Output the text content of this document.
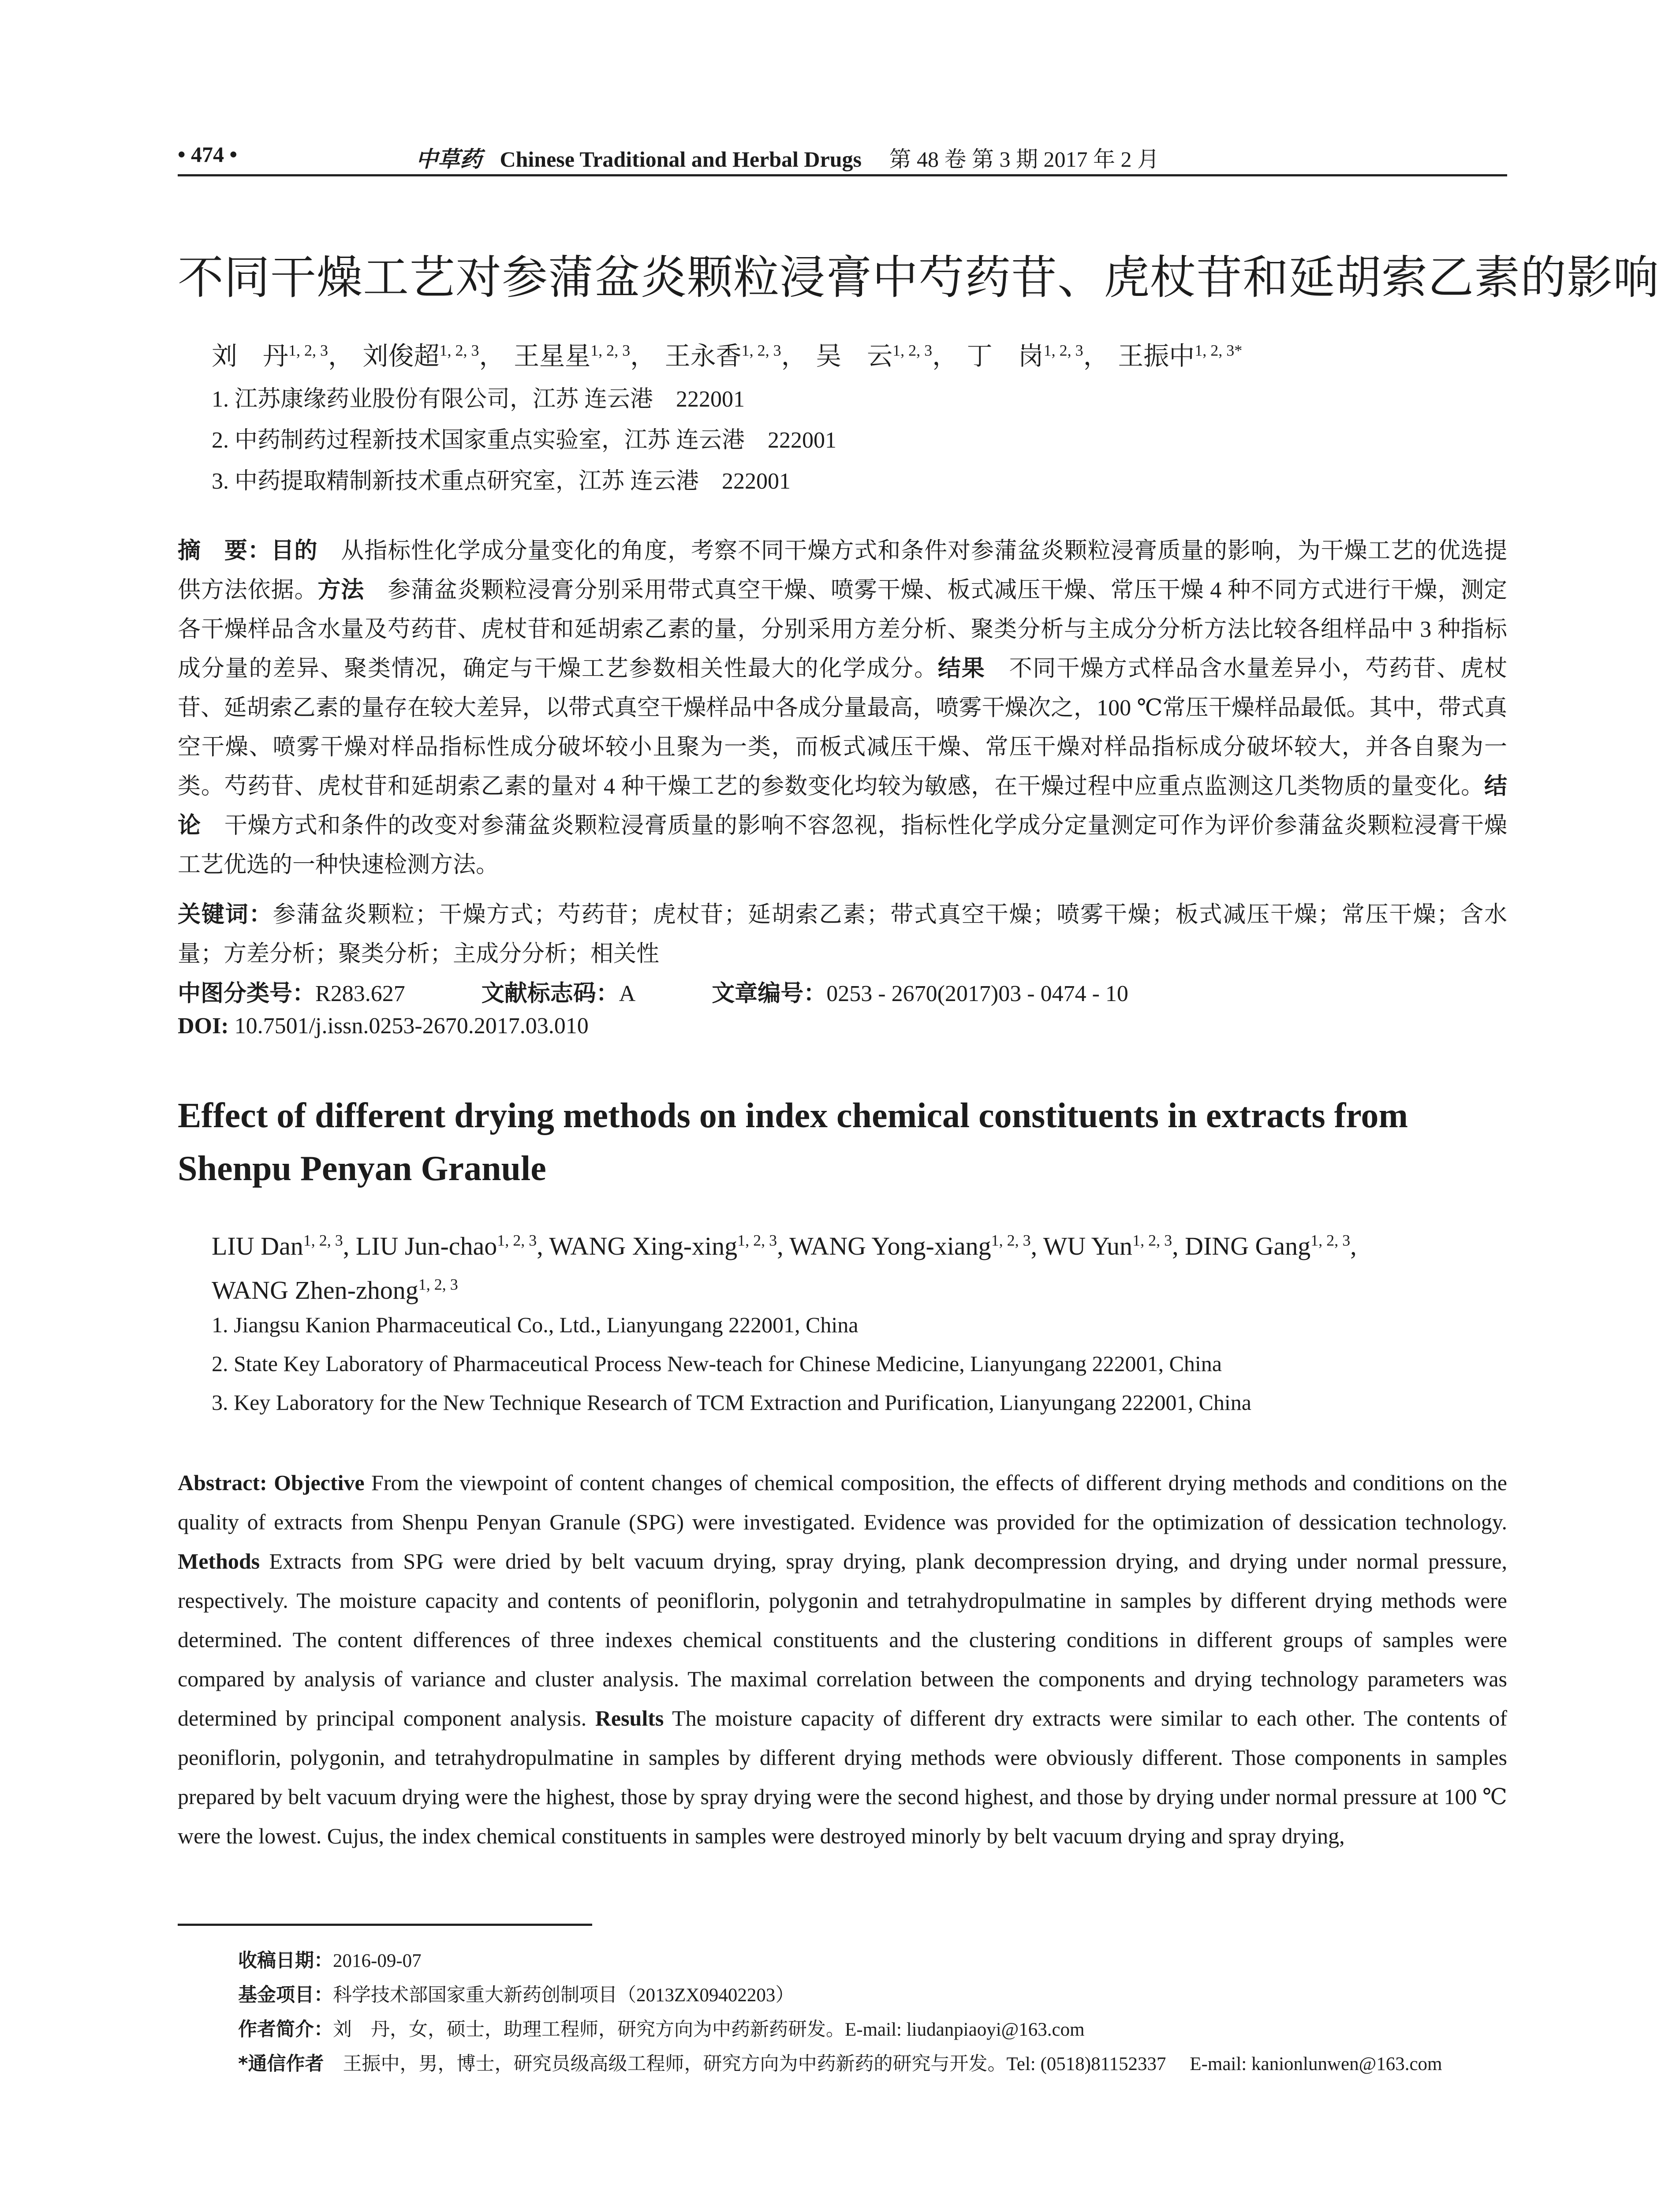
• 474 •	中草药 Chinese Traditional and Herbal Drugs 第 48 卷 第 3 期 2017 年 2 月
不同干燥工艺对参蒲盆炎颗粒浸膏中芍药苷、虎杖苷和延胡索乙素的影响
刘　丹$^{1, 2, 3}$， 刘俊超$^{1, 2, 3}$， 王星星$^{1, 2, 3}$， 王永香$^{1, 2, 3}$， 吴　云$^{1, 2, 3}$， 丁　岗$^{1, 2, 3}$， 王振中$^{1, 2, 3*}$
1. 江苏康缘药业股份有限公司，江苏 连云港　222001
2. 中药制药过程新技术国家重点实验室，江苏 连云港　222001
3. 中药提取精制新技术重点研究室，江苏 连云港　222001
摘　要：目的　从指标性化学成分量变化的角度，考察不同干燥方式和条件对参蒲盆炎颗粒浸膏质量的影响，为干燥工艺的优选提供方法依据。方法　参蒲盆炎颗粒浸膏分别采用带式真空干燥、喷雾干燥、板式减压干燥、常压干燥 4 种不同方式进行干燥，测定各干燥样品含水量及芍药苷、虎杖苷和延胡索乙素的量，分别采用方差分析、聚类分析与主成分分析方法比较各组样品中 3 种指标成分量的差异、聚类情况，确定与干燥工艺参数相关性最大的化学成分。结果　不同干燥方式样品含水量差异小，芍药苷、虎杖苷、延胡索乙素的量存在较大差异，以带式真空干燥样品中各成分量最高，喷雾干燥次之，100 ℃常压干燥样品最低。其中，带式真空干燥、喷雾干燥对样品指标性成分破坏较小且聚为一类，而板式减压干燥、常压干燥对样品指标成分破坏较大，并各自聚为一类。芍药苷、虎杖苷和延胡索乙素的量对 4 种干燥工艺的参数变化均较为敏感，在干燥过程中应重点监测这几类物质的量变化。结论　干燥方式和条件的改变对参蒲盆炎颗粒浸膏质量的影响不容忽视，指标性化学成分定量测定可作为评价参蒲盆炎颗粒浸膏干燥工艺优选的一种快速检测方法。
关键词：参蒲盆炎颗粒；干燥方式；芍药苷；虎杖苷；延胡索乙素；带式真空干燥；喷雾干燥；板式减压干燥；常压干燥；含水量；方差分析；聚类分析；主成分分析；相关性
中图分类号：R283.627	文献标志码：A	文章编号：0253 - 2670(2017)03 - 0474 - 10
DOI: 10.7501/j.issn.0253-2670.2017.03.010
Effect of different drying methods on index chemical constituents in extracts from Shenpu Penyan Granule
LIU Dan$^{1, 2, 3}$, LIU Jun-chao$^{1, 2, 3}$, WANG Xing-xing$^{1, 2, 3}$, WANG Yong-xiang$^{1, 2, 3}$, WU Yun$^{1, 2, 3}$, DING Gang$^{1, 2, 3}$,
WANG Zhen-zhong$^{1, 2, 3}$
1. Jiangsu Kanion Pharmaceutical Co., Ltd., Lianyungang 222001, China
2. State Key Laboratory of Pharmaceutical Process New-teach for Chinese Medicine, Lianyungang 222001, China
3. Key Laboratory for the New Technique Research of TCM Extraction and Purification, Lianyungang 222001, China
Abstract: Objective From the viewpoint of content changes of chemical composition, the effects of different drying methods and conditions on the quality of extracts from Shenpu Penyan Granule (SPG) were investigated. Evidence was provided for the optimization of dessication technology. Methods Extracts from SPG were dried by belt vacuum drying, spray drying, plank decompression drying, and drying under normal pressure, respectively. The moisture capacity and contents of peoniflorin, polygonin and tetrahydropulmatine in samples by different drying methods were determined. The content differences of three indexes chemical constituents and the clustering conditions in different groups of samples were compared by analysis of variance and cluster analysis. The maximal correlation between the components and drying technology parameters was determined by principal component analysis. Results The moisture capacity of different dry extracts were similar to each other. The contents of peoniflorin, polygonin, and tetrahydropulmatine in samples by different drying methods were obviously different. Those components in samples prepared by belt vacuum drying were the highest, those by spray drying were the second highest, and those by drying under normal pressure at 100 ℃ were the lowest. Cujus, the index chemical constituents in samples were destroyed minorly by belt vacuum drying and spray drying,
收稿日期：2016-09-07
基金项目：科学技术部国家重大新药创制项目（2013ZX09402203）
作者简介：刘　丹，女，硕士，助理工程师，研究方向为中药新药研发。E-mail: liudanpiaoyi@163.com
*通信作者　王振中，男，博士，研究员级高级工程师，研究方向为中药新药的研究与开发。Tel: (0518)81152337　 E-mail: kanionlunwen@163.com
